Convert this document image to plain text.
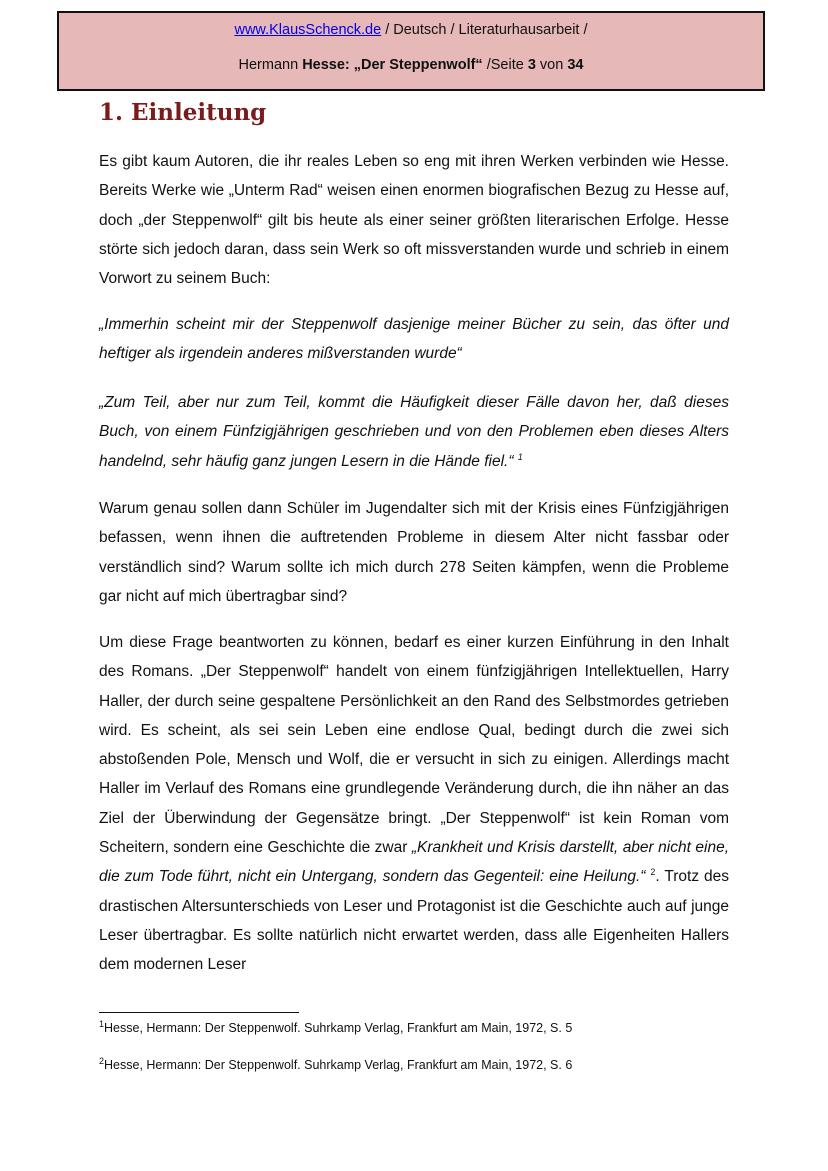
www.KlausSchenck.de / Deutsch / Literaturhausarbeit /
Hermann Hesse: „Der Steppenwolf“ /Seite 3 von 34
1. Einleitung
Es gibt kaum Autoren, die ihr reales Leben so eng mit ihren Werken verbinden wie Hesse. Bereits Werke wie „Unterm Rad“ weisen einen enormen biografischen Bezug zu Hesse auf, doch „der Steppenwolf“ gilt bis heute als einer seiner größten literarischen Erfolge. Hesse störte sich jedoch daran, dass sein Werk so oft missverstanden wurde und schrieb in einem Vorwort zu seinem Buch:
„Immerhin scheint mir der Steppenwolf dasjenige meiner Bücher zu sein, das öfter und heftiger als irgendein anderes mißverstanden wurde“
„Zum Teil, aber nur zum Teil, kommt die Häufigkeit dieser Fälle davon her, daß dieses Buch, von einem Fünfzigjährigen geschrieben und von den Problemen eben dieses Alters handelnd, sehr häufig ganz jungen Lesern in die Hände fiel.“ $^1$
Warum genau sollen dann Schüler im Jugendalter sich mit der Krisis eines Fünfzigjährigen befassen, wenn ihnen die auftretenden Probleme in diesem Alter nicht fassbar oder verständlich sind? Warum sollte ich mich durch 278 Seiten kämpfen, wenn die Probleme gar nicht auf mich übertragbar sind?
Um diese Frage beantworten zu können, bedarf es einer kurzen Einführung in den Inhalt des Romans. „Der Steppenwolf“ handelt von einem fünfzigjährigen Intellektuellen, Harry Haller, der durch seine gespaltene Persönlichkeit an den Rand des Selbstmordes getrieben wird. Es scheint, als sei sein Leben eine endlose Qual, bedingt durch die zwei sich abstoßenden Pole, Mensch und Wolf, die er versucht in sich zu einigen. Allerdings macht Haller im Verlauf des Romans eine grundlegende Veränderung durch, die ihn näher an das Ziel der Überwindung der Gegensätze bringt. „Der Steppenwolf“ ist kein Roman vom Scheitern, sondern eine Geschichte die zwar „Krankheit und Krisis darstellt, aber nicht eine, die zum Tode führt, nicht ein Untergang, sondern das Gegenteil: eine Heilung.“ $^2$. Trotz des drastischen Altersunterschieds von Leser und Protagonist ist die Geschichte auch auf junge Leser übertragbar. Es sollte natürlich nicht erwartet werden, dass alle Eigenheiten Hallers dem modernen Leser
$^1$Hesse, Hermann: Der Steppenwolf. Suhrkamp Verlag, Frankfurt am Main, 1972, S. 5
$^2$Hesse, Hermann: Der Steppenwolf. Suhrkamp Verlag, Frankfurt am Main, 1972, S. 6
